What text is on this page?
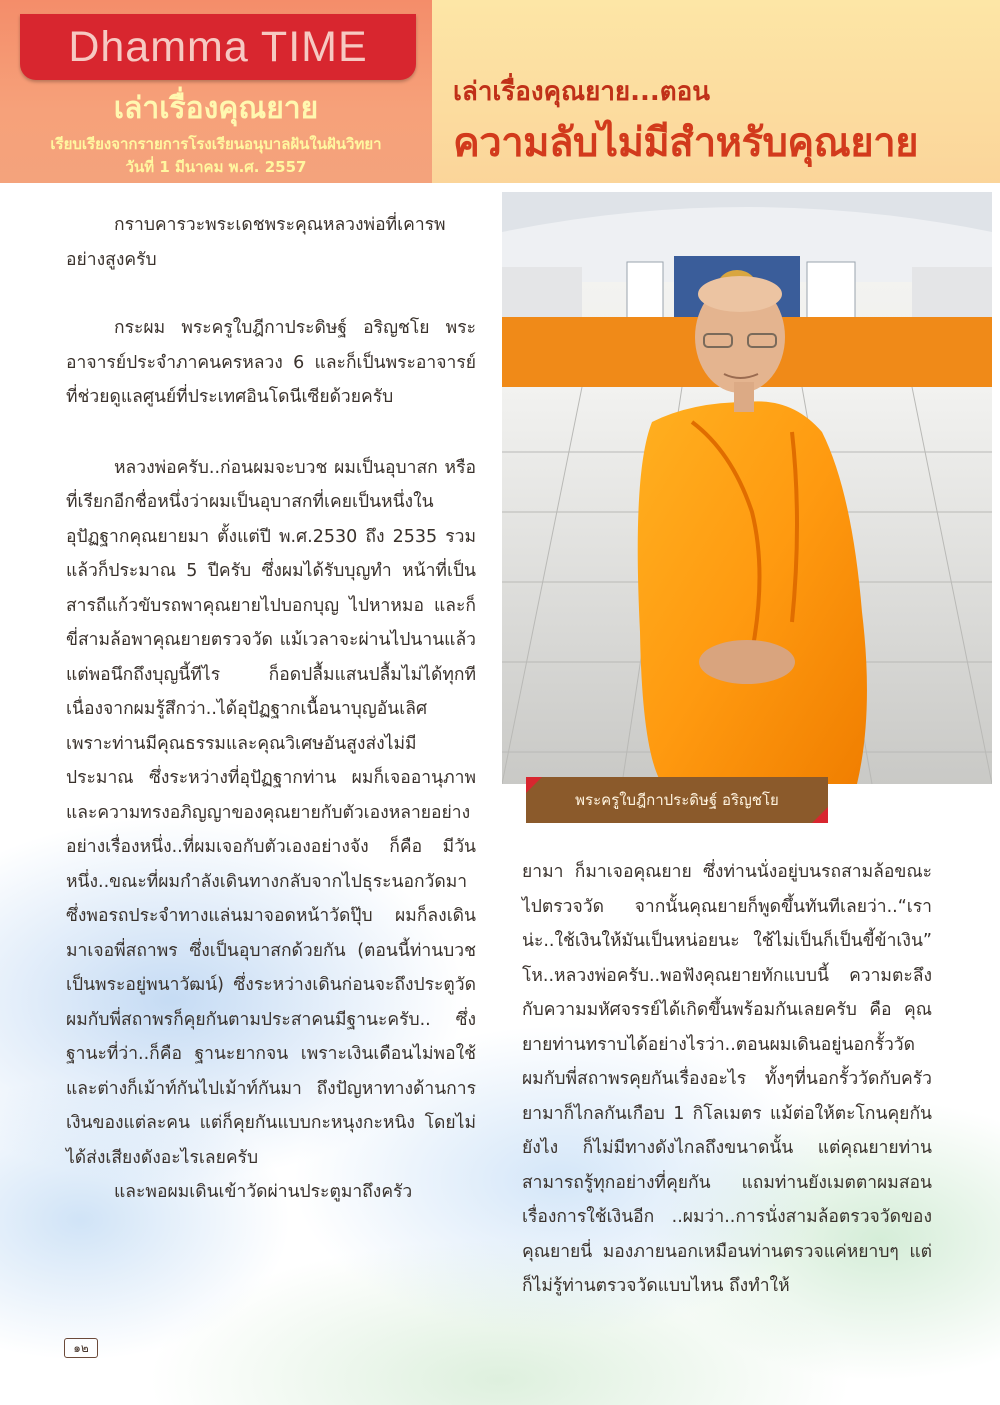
Dhamma TIME
เล่าเรื่องคุณยาย
เรียบเรียงจากรายการโรงเรียนอนุบาลฝันในฝันวิทยา
วันที่ 1 มีนาคม พ.ศ. 2557
เล่าเรื่องคุณยาย...ตอน
ความลับไม่มีสำหรับคุณยาย

กราบคารวะพระเดชพระคุณหลวงพ่อที่เคารพอย่างสูงครับ

กระผม พระครูใบฎีกาประดิษฐ์ อริญชโย พระอาจารย์ประจำภาคนครหลวง 6 และก็เป็นพระอาจารย์ที่ช่วยดูแลศูนย์ที่ประเทศอินโดนีเซียด้วยครับ

หลวงพ่อครับ..ก่อนผมจะบวช ผมเป็นอุบาสก หรือที่เรียกอีกชื่อหนึ่งว่าผมเป็นอุบาสกที่เคยเป็นหนึ่งในอุปัฏฐากคุณยายมา ตั้งแต่ปี พ.ศ.2530 ถึง 2535 รวมแล้วก็ประมาณ 5 ปีครับ ซึ่งผมได้รับบุญทำ หน้าที่เป็นสารถีแก้วขับรถพาคุณยายไปบอกบุญ ไปหาหมอ และก็ขี่สามล้อพาคุณยายตรวจวัด แม้เวลาจะผ่านไปนานแล้ว แต่พอนึกถึงบุญนี้ทีไร ก็อดปลื้มแสนปลื้มไม่ได้ทุกที เนื่องจากผมรู้สึกว่า..ได้อุปัฏฐากเนื้อนาบุญอันเลิศ เพราะท่านมีคุณธรรมและคุณวิเศษอันสูงส่งไม่มีประมาณ ซึ่งระหว่างที่อุปัฏฐากท่าน ผมก็เจออานุภาพและความทรงอภิญญาของคุณยายกับตัวเองหลายอย่าง อย่างเรื่องหนึ่ง..ที่ผมเจอกับตัวเองอย่างจัง ก็คือ มีวันหนึ่ง..ขณะที่ผมกำลังเดินทางกลับจากไปธุระนอกวัดมา ซึ่งพอรถประจำทางแล่นมาจอดหน้าวัดปุ๊บ ผมก็ลงเดินมาเจอพี่สถาพร ซึ่งเป็นอุบาสกด้วยกัน (ตอนนี้ท่านบวชเป็นพระอยู่พนาวัฒน์) ซึ่งระหว่างเดินก่อนจะถึงประตูวัด ผมกับพี่สถาพรก็คุยกันตามประสาคนมีฐานะครับ.. ซึ่งฐานะที่ว่า..ก็คือ ฐานะยากจน เพราะเงินเดือนไม่พอใช้ และต่างก็เม้าท์กันไปเม้าท์กันมา ถึงปัญหาทางด้านการเงินของแต่ละคน แต่ก็คุยกันแบบกะหนุงกะหนิง โดยไม่ได้ส่งเสียงดังอะไรเลยครับ

และพอผมเดินเข้าวัดผ่านประตูมาถึงครัว

พระครูใบฎีกาประดิษฐ์ อริญชโย

ยามา ก็มาเจอคุณยาย ซึ่งท่านนั่งอยู่บนรถสามล้อขณะไปตรวจวัด จากนั้นคุณยายก็พูดขึ้นทันทีเลยว่า..“เราน่ะ..ใช้เงินให้มันเป็นหน่อยนะ ใช้ไม่เป็นก็เป็นขี้ข้าเงิน” โห..หลวงพ่อครับ..พอฟังคุณยายทักแบบนี้ ความตะลึงกับความมหัศจรรย์ได้เกิดขึ้นพร้อมกันเลยครับ คือ คุณยายท่านทราบได้อย่างไรว่า..ตอนผมเดินอยู่นอกรั้ววัด ผมกับพี่สถาพรคุยกันเรื่องอะไร ทั้งๆที่นอกรั้ววัดกับครัวยามาก็ไกลกันเกือบ 1 กิโลเมตร แม้ต่อให้ตะโกนคุยกันยังไง ก็ไม่มีทางดังไกลถึงขนาดนั้น แต่คุณยายท่านสามารถรู้ทุกอย่างที่คุยกัน แถมท่านยังเมตตาผมสอนเรื่องการใช้เงินอีก ..ผมว่า..การนั่งสามล้อตรวจวัดของคุณยายนี่ มองภายนอกเหมือนท่านตรวจแค่หยาบๆ แต่ก็ไม่รู้ท่านตรวจวัดแบบไหน ถึงทำให้

๑๒
